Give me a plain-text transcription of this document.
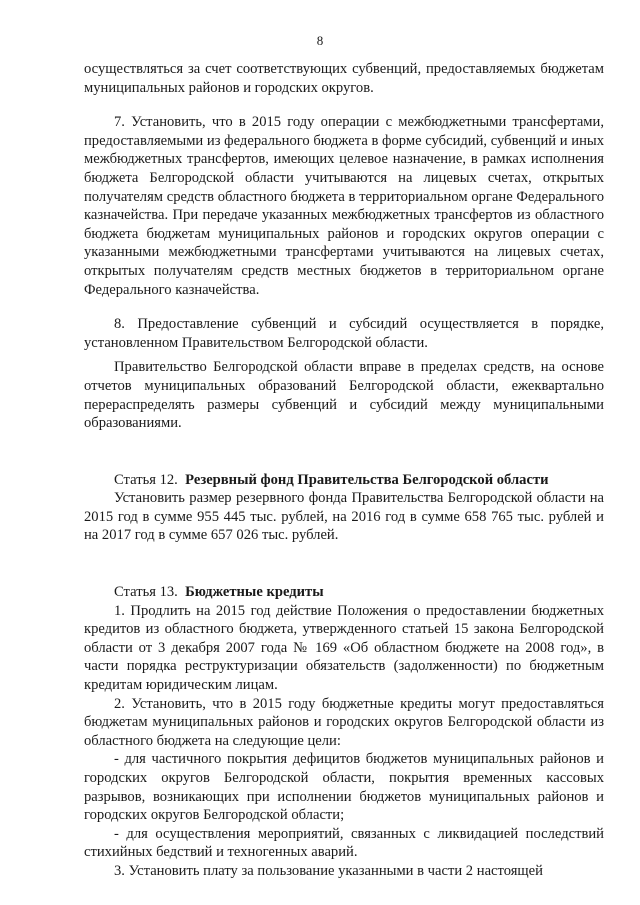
8

осуществляться за счет соответствующих субвенций, предоставляемых бюджетам муниципальных районов и городских округов.

7. Установить, что в 2015 году операции с межбюджетными трансфертами, предоставляемыми из федерального бюджета в форме субсидий, субвенций и иных межбюджетных трансфертов, имеющих целевое назначение, в рамках исполнения бюджета Белгородской области учитываются на лицевых счетах, открытых получателям средств областного бюджета в территориальном органе Федерального казначейства. При передаче указанных межбюджетных трансфертов из областного бюджета бюджетам муниципальных районов и городских округов операции с указанными межбюджетными трансфертами учитываются на лицевых счетах, открытых получателям средств местных бюджетов в территориальном органе Федерального казначейства.

8. Предоставление субвенций и субсидий осуществляется в порядке, установленном Правительством Белгородской области.

Правительство Белгородской области вправе в пределах средств, на основе отчетов муниципальных образований Белгородской области, ежеквартально перераспределять размеры субвенций и субсидий между муниципальными образованиями.

Статья 12. Резервный фонд Правительства Белгородской области

Установить размер резервного фонда Правительства Белгородской области на 2015 год в сумме 955 445 тыс. рублей, на 2016 год в сумме 658 765 тыс. рублей и на 2017 год в сумме 657 026 тыс. рублей.

Статья 13. Бюджетные кредиты

1. Продлить на 2015 год действие Положения о предоставлении бюджетных кредитов из областного бюджета, утвержденного статьей 15 закона Белгородской области от 3 декабря 2007 года № 169 «Об областном бюджете на 2008 год», в части порядка реструктуризации обязательств (задолженности) по бюджетным кредитам юридическим лицам.

2. Установить, что в 2015 году бюджетные кредиты могут предоставляться бюджетам муниципальных районов и городских округов Белгородской области из областного бюджета на следующие цели:

- для частичного покрытия дефицитов бюджетов муниципальных районов и городских округов Белгородской области, покрытия временных кассовых разрывов, возникающих при исполнении бюджетов муниципальных районов и городских округов Белгородской области;

- для осуществления мероприятий, связанных с ликвидацией последствий стихийных бедствий и техногенных аварий.

3. Установить плату за пользование указанными в части 2 настоящей
